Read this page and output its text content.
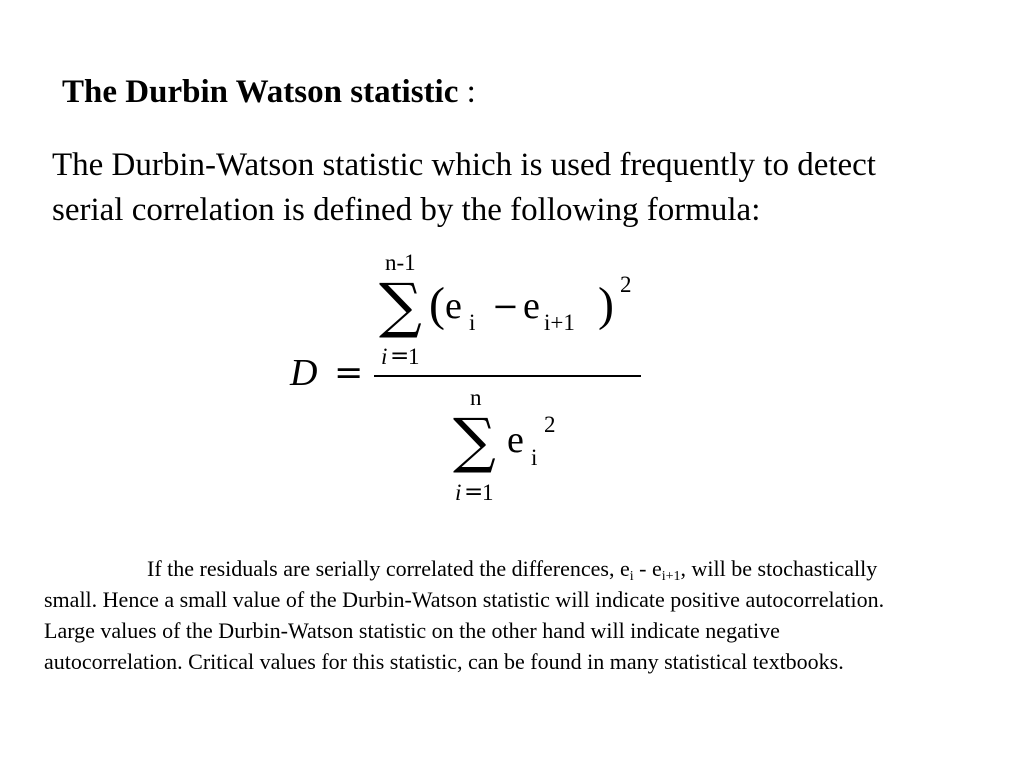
The Durbin Watson statistic :
The Durbin-Watson statistic which is used frequently to detect serial correlation is defined by the following formula:
D =
n-1
∑
i =
1
( e i − e i+1 ) 2
n
∑
i =
1
e i
2
If the residuals are serially correlated the differences, $e_i - e_{i+1}$, will be stochastically small. Hence a small value of the Durbin-Watson statistic will indicate positive autocorrelation. Large values of the Durbin-Watson statistic on the other hand will indicate negative autocorrelation. Critical values for this statistic, can be found in many statistical textbooks.
